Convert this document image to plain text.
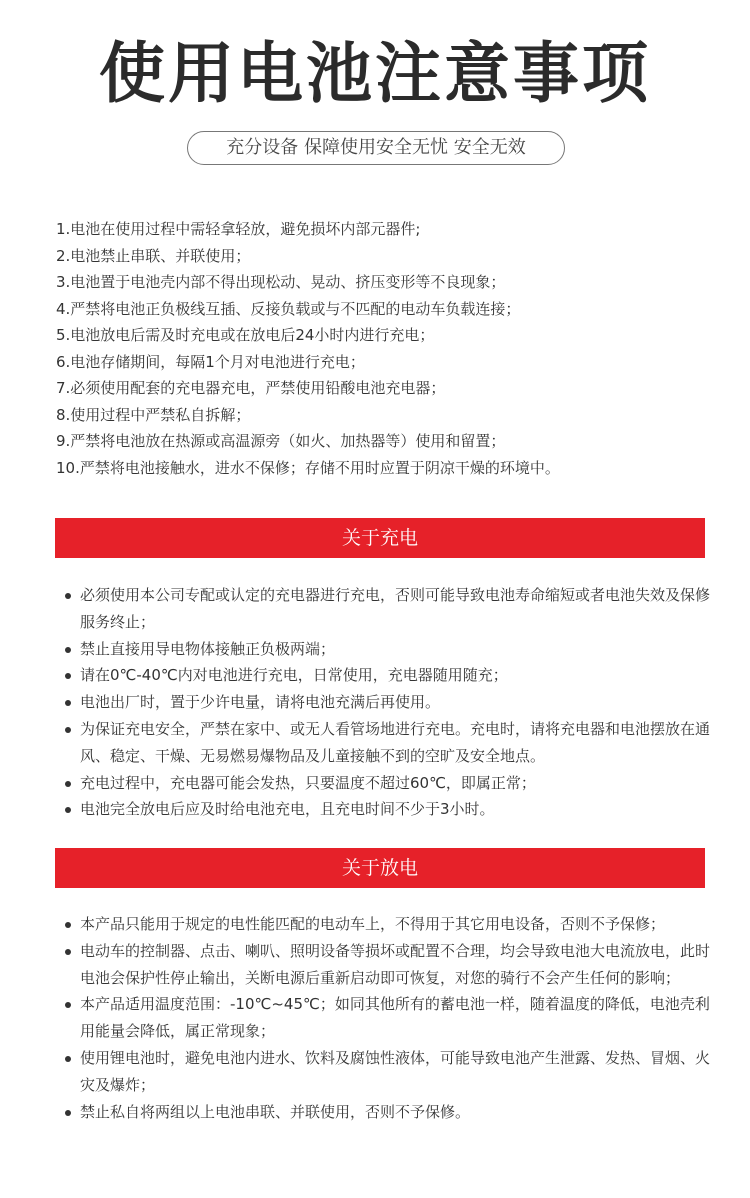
使用电池注意事项
充分设备 保障使用安全无忧 安全无效
1.电池在使用过程中需轻拿轻放，避免损坏内部元器件;
2.电池禁止串联、并联使用；
3.电池置于电池壳内部不得出现松动、晃动、挤压变形等不良现象；
4.严禁将电池正负极线互插、反接负载或与不匹配的电动车负载连接；
5.电池放电后需及时充电或在放电后24小时内进行充电；
6.电池存储期间，每隔1个月对电池进行充电；
7.必须使用配套的充电器充电，严禁使用铅酸电池充电器；
8.使用过程中严禁私自拆解；
9.严禁将电池放在热源或高温源旁（如火、加热器等）使用和留置；
10.严禁将电池接触水，进水不保修；存储不用时应置于阴凉干燥的环境中。
关于充电
必须使用本公司专配或认定的充电器进行充电，否则可能导致电池寿命缩短或者电池失效及保修服务终止；
禁止直接用导电物体接触正负极两端；
请在0℃-40℃内对电池进行充电，日常使用，充电器随用随充；
电池出厂时，置于少许电量，请将电池充满后再使用。
为保证充电安全，严禁在家中、或无人看管场地进行充电。充电时，请将充电器和电池摆放在通风、稳定、干燥、无易燃易爆物品及儿童接触不到的空旷及安全地点。
充电过程中，充电器可能会发热，只要温度不超过60℃，即属正常；
电池完全放电后应及时给电池充电，且充电时间不少于3小时。
关于放电
本产品只能用于规定的电性能匹配的电动车上，不得用于其它用电设备，否则不予保修；
电动车的控制器、点击、喇叭、照明设备等损坏或配置不合理，均会导致电池大电流放电，此时电池会保护性停止输出，关断电源后重新启动即可恢复，对您的骑行不会产生任何的影响；
本产品适用温度范围：-10℃~45℃；如同其他所有的蓄电池一样，随着温度的降低，电池壳利用能量会降低，属正常现象；
使用锂电池时，避免电池内进水、饮料及腐蚀性液体，可能导致电池产生泄露、发热、冒烟、火灾及爆炸；
禁止私自将两组以上电池串联、并联使用，否则不予保修。
